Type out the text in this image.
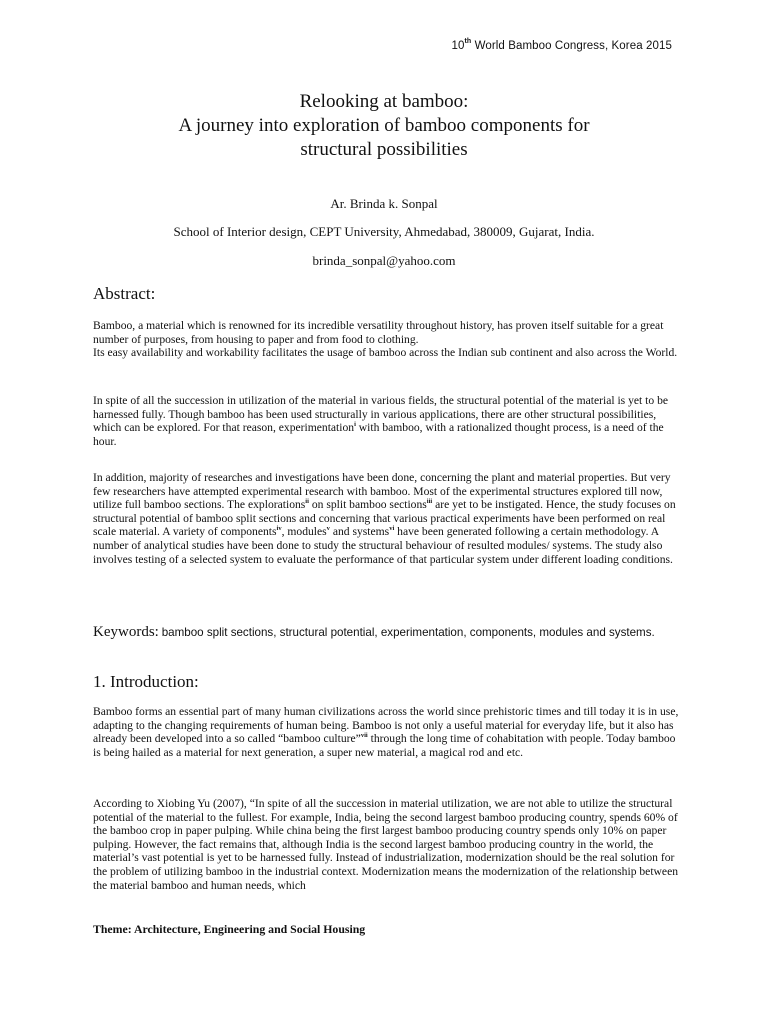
10th World Bamboo Congress, Korea 2015
Relooking at bamboo:
A journey into exploration of bamboo components for
structural possibilities
Ar. Brinda k. Sonpal
School of Interior design, CEPT University, Ahmedabad, 380009, Gujarat, India.
brinda_sonpal@yahoo.com
Abstract:

Bamboo, a material which is renowned for its incredible versatility throughout history, has proven itself suitable for a great number of purposes, from housing to paper and from food to clothing.

Its easy availability and workability facilitates the usage of bamboo across the Indian sub continent and also across the World.

In spite of all the succession in utilization of the material in various fields, the structural potential of the material is yet to be harnessed fully. Though bamboo has been used structurally in various applications, there are other structural possibilities, which can be explored. For that reason, experimentation$^i$ with bamboo, with a rationalized thought process, is a need of the hour.

In addition, majority of researches and investigations have been done, concerning the plant and material properties. But very few researchers have attempted experimental research with bamboo. Most of the experimental structures explored till now, utilize full bamboo sections. The explorations$^{ii}$ on split bamboo sections$^{iii}$ are yet to be instigated. Hence, the study focuses on structural potential of bamboo split sections and concerning that various practical experiments have been performed on real scale material. A variety of components$^{iv}$, modules$^v$ and systems$^{vi}$ have been generated following a certain methodology. A number of analytical studies have been done to study the structural behaviour of resulted modules/ systems. The study also involves testing of a selected system to evaluate the performance of that particular system under different loading conditions.

Keywords: bamboo split sections, structural potential, experimentation, components, modules and systems.
1. Introduction:

Bamboo forms an essential part of many human civilizations across the world since prehistoric times and till today it is in use, adapting to the changing requirements of human being. Bamboo is not only a useful material for everyday life, but it also has already been developed into a so called “bamboo culture”$^{vii}$ through the long time of cohabitation with people. Today bamboo is being hailed as a material for next generation, a super new material, a magical rod and etc.

According to Xiobing Yu (2007), “In spite of all the succession in material utilization, we are not able to utilize the structural potential of the material to the fullest. For example, India, being the second largest bamboo producing country, spends 60% of the bamboo crop in paper pulping. While china being the first largest bamboo producing country spends only 10% on paper pulping. However, the fact remains that, although India is the second largest bamboo producing country in the world, the material’s vast potential is yet to be harnessed fully. Instead of industrialization, modernization should be the real solution for the problem of utilizing bamboo in the industrial context. Modernization means the modernization of the relationship between the material bamboo and human needs, which

Theme: Architecture, Engineering and Social Housing
